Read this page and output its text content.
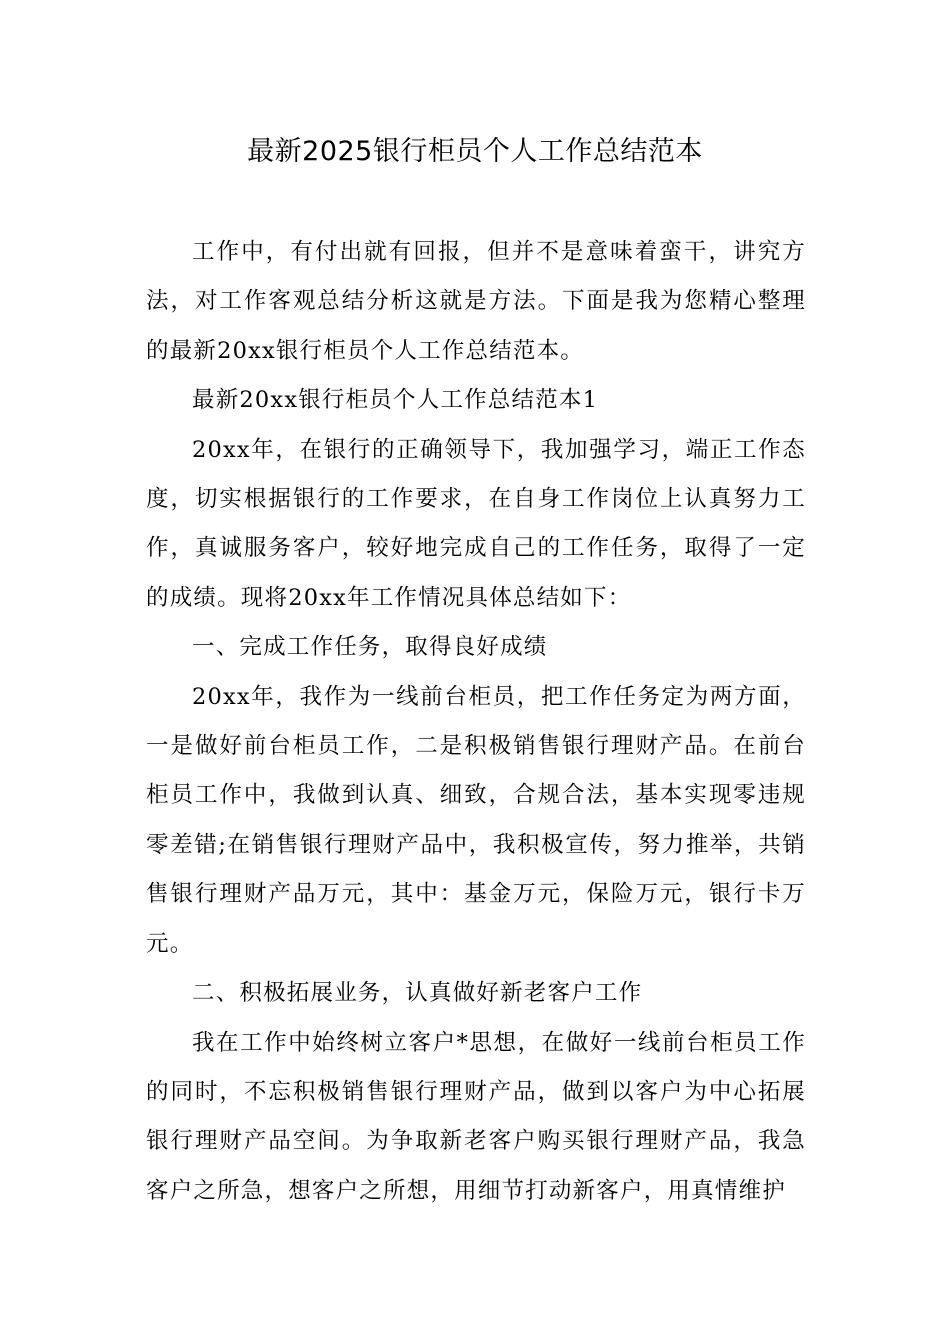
最新2025银行柜员个人工作总结范本

工作中，有付出就有回报，但并不是意味着蛮干，讲究方法，对工作客观总结分析这就是方法。下面是我为您精心整理的最新20xx银行柜员个人工作总结范本。

最新20xx银行柜员个人工作总结范本1

20xx年，在银行的正确领导下，我加强学习，端正工作态度，切实根据银行的工作要求，在自身工作岗位上认真努力工作，真诚服务客户，较好地完成自己的工作任务，取得了一定的成绩。现将20xx年工作情况具体总结如下：

一、完成工作任务，取得良好成绩

20xx年，我作为一线前台柜员，把工作任务定为两方面，一是做好前台柜员工作，二是积极销售银行理财产品。在前台柜员工作中，我做到认真、细致，合规合法，基本实现零违规零差错;在销售银行理财产品中，我积极宣传，努力推举，共销售银行理财产品万元，其中：基金万元，保险万元，银行卡万元。

二、积极拓展业务，认真做好新老客户工作

我在工作中始终树立客户*思想，在做好一线前台柜员工作的同时，不忘积极销售银行理财产品，做到以客户为中心拓展银行理财产品空间。为争取新老客户购买银行理财产品，我急客户之所急，想客户之所想，用细节打动新客户，用真情维护
